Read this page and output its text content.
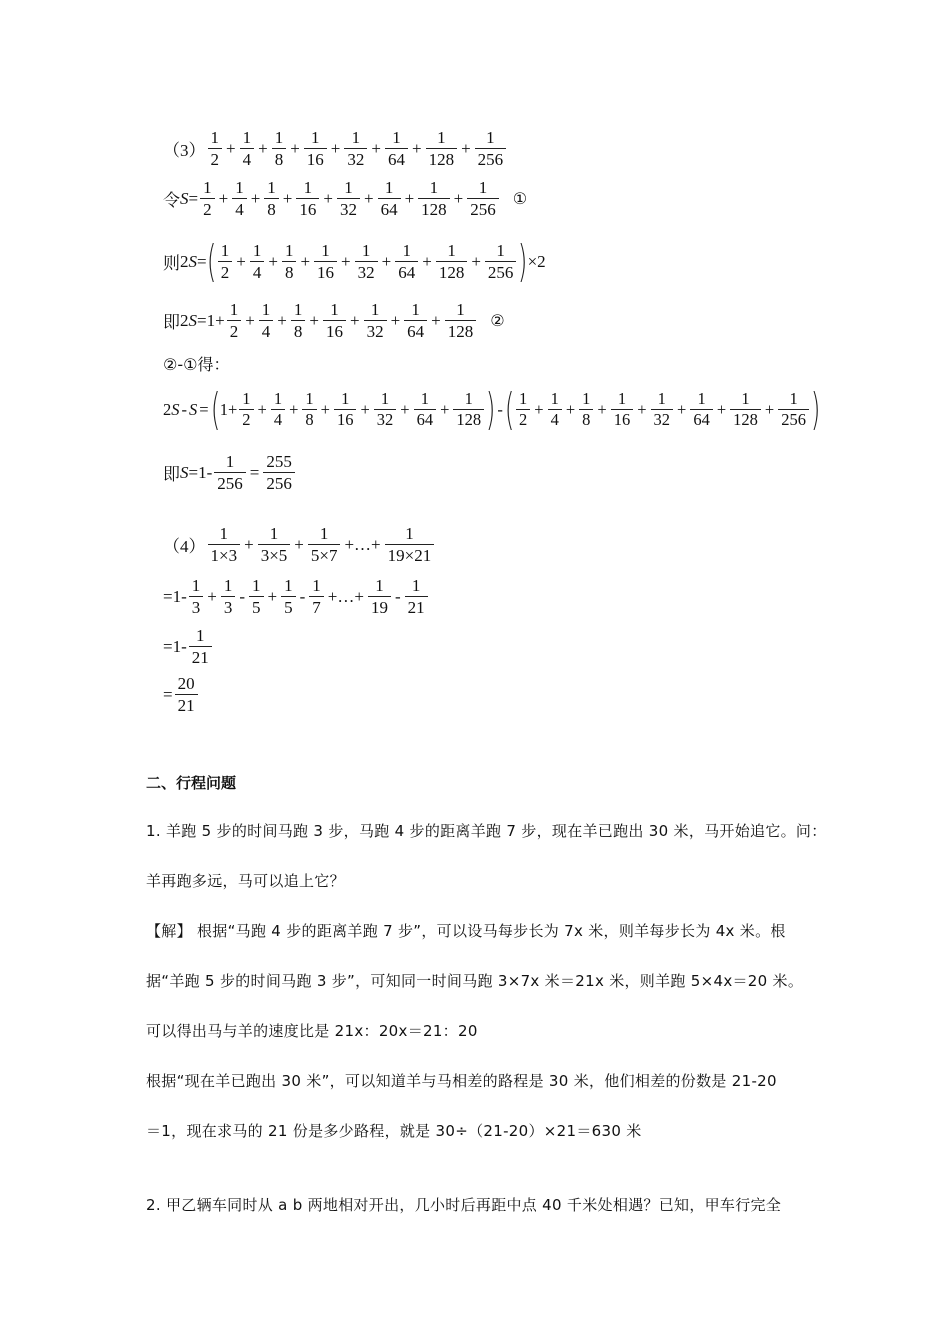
$(3) \frac{1}{2} + \frac{1}{4} + \frac{1}{8} + \frac{1}{16} + \frac{1}{32} + \frac{1}{64} + \frac{1}{128} + \frac{1}{256}$
令 $S = \frac{1}{2} + \frac{1}{4} + \frac{1}{8} + \frac{1}{16} + \frac{1}{32} + \frac{1}{64} + \frac{1}{128} + \frac{1}{256}$ ①
则 2 S = ( $\frac{1}{2} + \frac{1}{4} + \frac{1}{8} + \frac{1}{16} + \frac{1}{32} + \frac{1}{64} + \frac{1}{128} + \frac{1}{256}$ ) ×2
即 2 $S = 1+ \frac{1}{2} + \frac{1}{4} + \frac{1}{8} + \frac{1}{16} + \frac{1}{32} + \frac{1}{64} + \frac{1}{128}$ ②
②-①得：
2 S - S = ( $1+ \frac{1}{2} + \frac{1}{4} + \frac{1}{8} + \frac{1}{16} + \frac{1}{32} + \frac{1}{64} + \frac{1}{128}$ ) - ( $\frac{1}{2} + \frac{1}{4} + \frac{1}{8} + \frac{1}{16} + \frac{1}{32} + \frac{1}{64} + \frac{1}{128} + \frac{1}{256}$ )
即 $S = 1- \frac{1}{256} = \frac{255}{256}$
$(4) \frac{1}{1\times 3} + \frac{1}{3\times 5} + \frac{1}{5\times 7}$ +…+ $\frac{1}{19\times 21}$
$=1- \frac{1}{3} + \frac{1}{3} - \frac{1}{5} + \frac{1}{5} - \frac{1}{7}$ +…+ $\frac{1}{19} - \frac{1}{21}$
$=1- \frac{1}{21}$
= $\frac{20}{21}$
二、行程问题
1. 羊跑 5 步的时间马跑 3 步，马跑 4 步的距离羊跑 7 步，现在羊已跑出 30 米，马开始追它。问：
羊再跑多远，马可以追上它？
【解】 根据“马跑 4 步的距离羊跑 7 步”，可以设马每步长为 7x 米，则羊每步长为 4x 米。根
据“羊跑 5 步的时间马跑 3 步”，可知同一时间马跑 3×7x 米＝21x 米，则羊跑 5×4x＝20 米。
可以得出马与羊的速度比是 21x：20x＝21：20
根据“现在羊已跑出 30 米”，可以知道羊与马相差的路程是 30 米，他们相差的份数是 21-20
＝1，现在求马的 21 份是多少路程，就是 30÷（21-20）×21＝630 米
2. 甲乙辆车同时从 a b 两地相对开出，几小时后再距中点 40 千米处相遇？已知，甲车行完全
